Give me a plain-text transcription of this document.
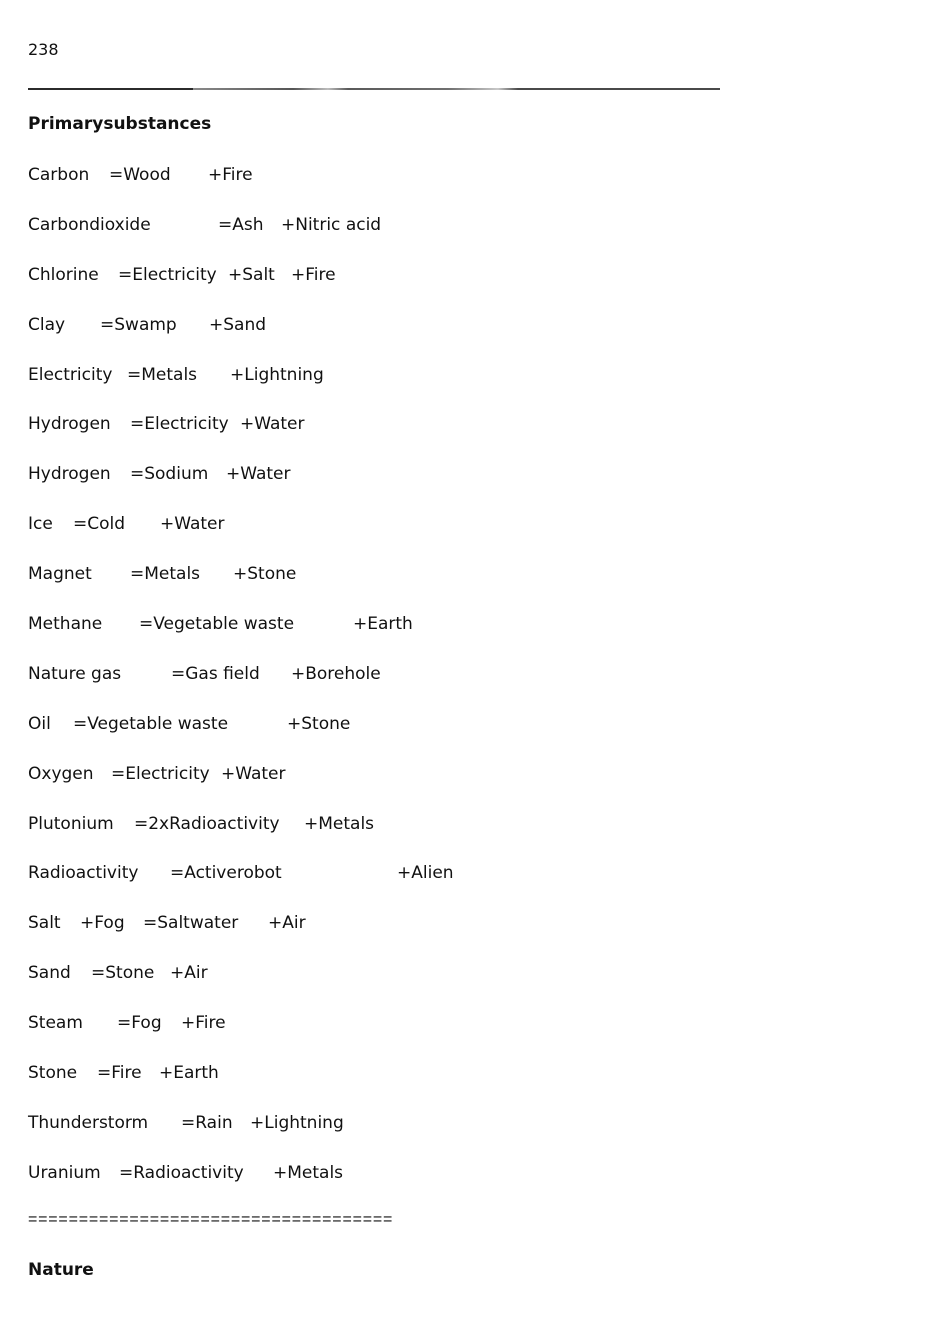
238
Primarysubstances
Carbon =Wood +Fire
Carbondioxide	=Ash +Nitric acid
Chlorine =Electricity +Salt +Fire
Clay =Swamp +Sand
Electricity =Metals +Lightning
Hydrogen =Electricity +Water
Hydrogen =Sodium +Water
Ice =Cold +Water
Magnet =Metals +Stone
Methane =Vegetable waste	+Earth
Nature gas	=Gas field +Borehole
Oil =Vegetable waste	+Stone
Oxygen =Electricity +Water
Plutonium =2xRadioactivity +Metals
Radioactivity =Activerobot	+Alien
Salt +Fog =Saltwater +Air
Sand =Stone +Air
Steam =Fog +Fire
Stone =Fire +Earth
Thunderstorm =Rain +Lightning
Uranium =Radioactivity +Metals
====================================
Nature
